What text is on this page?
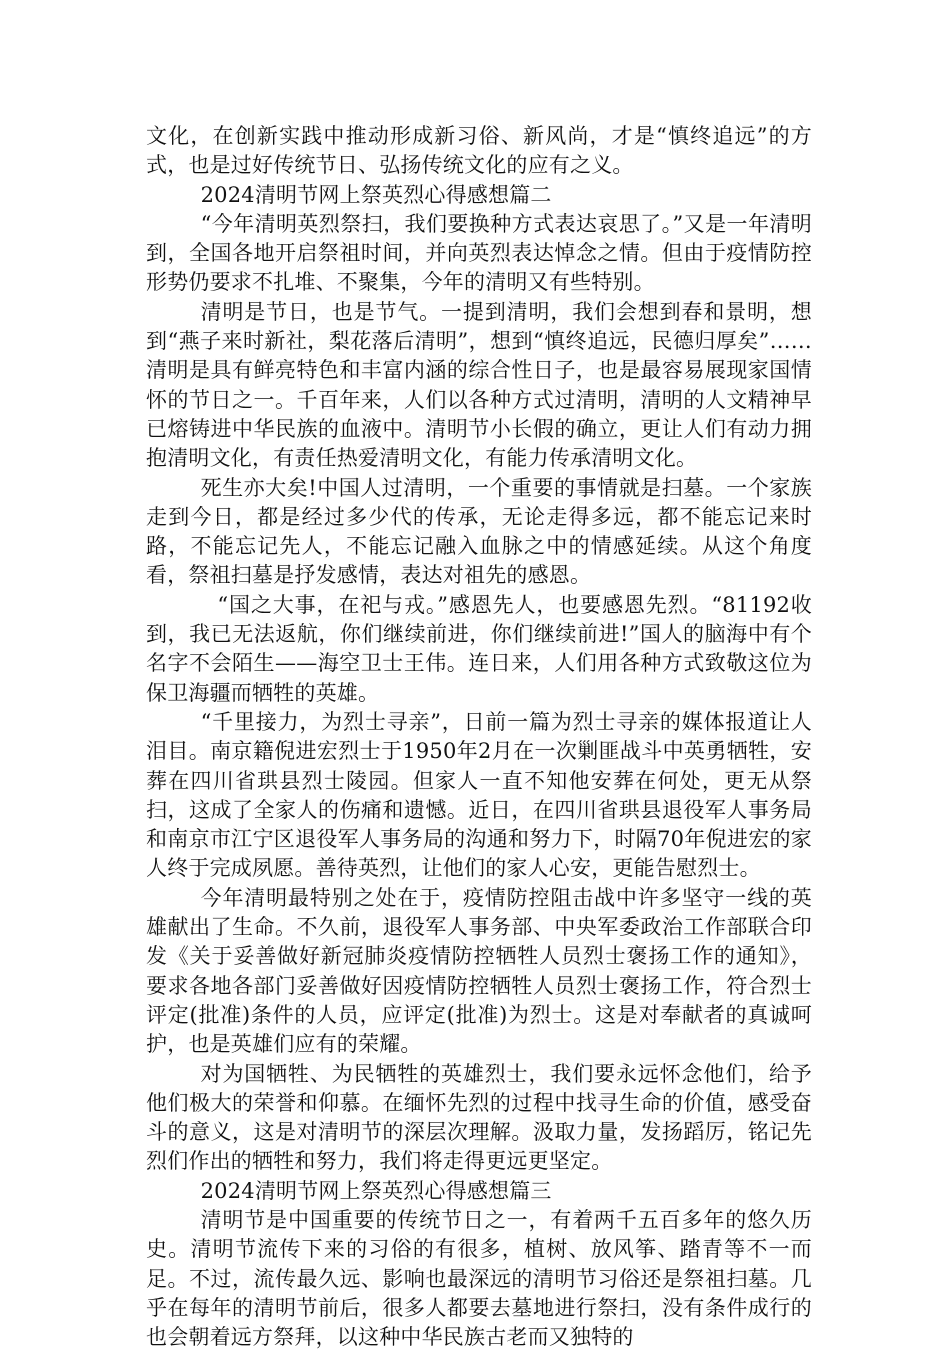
文化，在创新实践中推动形成新习俗、新风尚，才是“慎终追远”的方式，也是过好传统节日、弘扬传统文化的应有之义。

2024清明节网上祭英烈心得感想篇二

“今年清明英烈祭扫，我们要换种方式表达哀思了。”又是一年清明到，全国各地开启祭祖时间，并向英烈表达悼念之情。但由于疫情防控形势仍要求不扎堆、不聚集，今年的清明又有些特别。

清明是节日，也是节气。一提到清明，我们会想到春和景明，想到“燕子来时新社，梨花落后清明”，想到“慎终追远，民德归厚矣”……清明是具有鲜亮特色和丰富内涵的综合性日子，也是最容易展现家国情怀的节日之一。千百年来，人们以各种方式过清明，清明的人文精神早已熔铸进中华民族的血液中。清明节小长假的确立，更让人们有动力拥抱清明文化，有责任热爱清明文化，有能力传承清明文化。

死生亦大矣!中国人过清明，一个重要的事情就是扫墓。一个家族走到今日，都是经过多少代的传承，无论走得多远，都不能忘记来时路，不能忘记先人，不能忘记融入血脉之中的情感延续。从这个角度看，祭祖扫墓是抒发感情，表达对祖先的感恩。

“国之大事，在祀与戎。”感恩先人，也要感恩先烈。“81192收到，我已无法返航，你们继续前进，你们继续前进!”国人的脑海中有个名字不会陌生——海空卫士王伟。连日来，人们用各种方式致敬这位为保卫海疆而牺牲的英雄。

“千里接力，为烈士寻亲”，日前一篇为烈士寻亲的媒体报道让人泪目。南京籍倪进宏烈士于1950年2月在一次剿匪战斗中英勇牺牲，安葬在四川省珙县烈士陵园。但家人一直不知他安葬在何处，更无从祭扫，这成了全家人的伤痛和遗憾。近日，在四川省珙县退役军人事务局和南京市江宁区退役军人事务局的沟通和努力下，时隔70年倪进宏的家人终于完成夙愿。善待英烈，让他们的家人心安，更能告慰烈士。

今年清明最特别之处在于，疫情防控阻击战中许多坚守一线的英雄献出了生命。不久前，退役军人事务部、中央军委政治工作部联合印发《关于妥善做好新冠肺炎疫情防控牺牲人员烈士褒扬工作的通知》，要求各地各部门妥善做好因疫情防控牺牲人员烈士褒扬工作，符合烈士评定(批准)条件的人员，应评定(批准)为烈士。这是对奉献者的真诚呵护，也是英雄们应有的荣耀。

对为国牺牲、为民牺牲的英雄烈士，我们要永远怀念他们，给予他们极大的荣誉和仰慕。在缅怀先烈的过程中找寻生命的价值，感受奋斗的意义，这是对清明节的深层次理解。汲取力量，发扬蹈厉，铭记先烈们作出的牺牲和努力，我们将走得更远更坚定。

2024清明节网上祭英烈心得感想篇三

清明节是中国重要的传统节日之一，有着两千五百多年的悠久历史。清明节流传下来的习俗的有很多，植树、放风筝、踏青等不一而足。不过，流传最久远、影响也最深远的清明节习俗还是祭祖扫墓。几乎在每年的清明节前后，很多人都要去墓地进行祭扫，没有条件成行的也会朝着远方祭拜，以这种中华民族古老而又独特的
